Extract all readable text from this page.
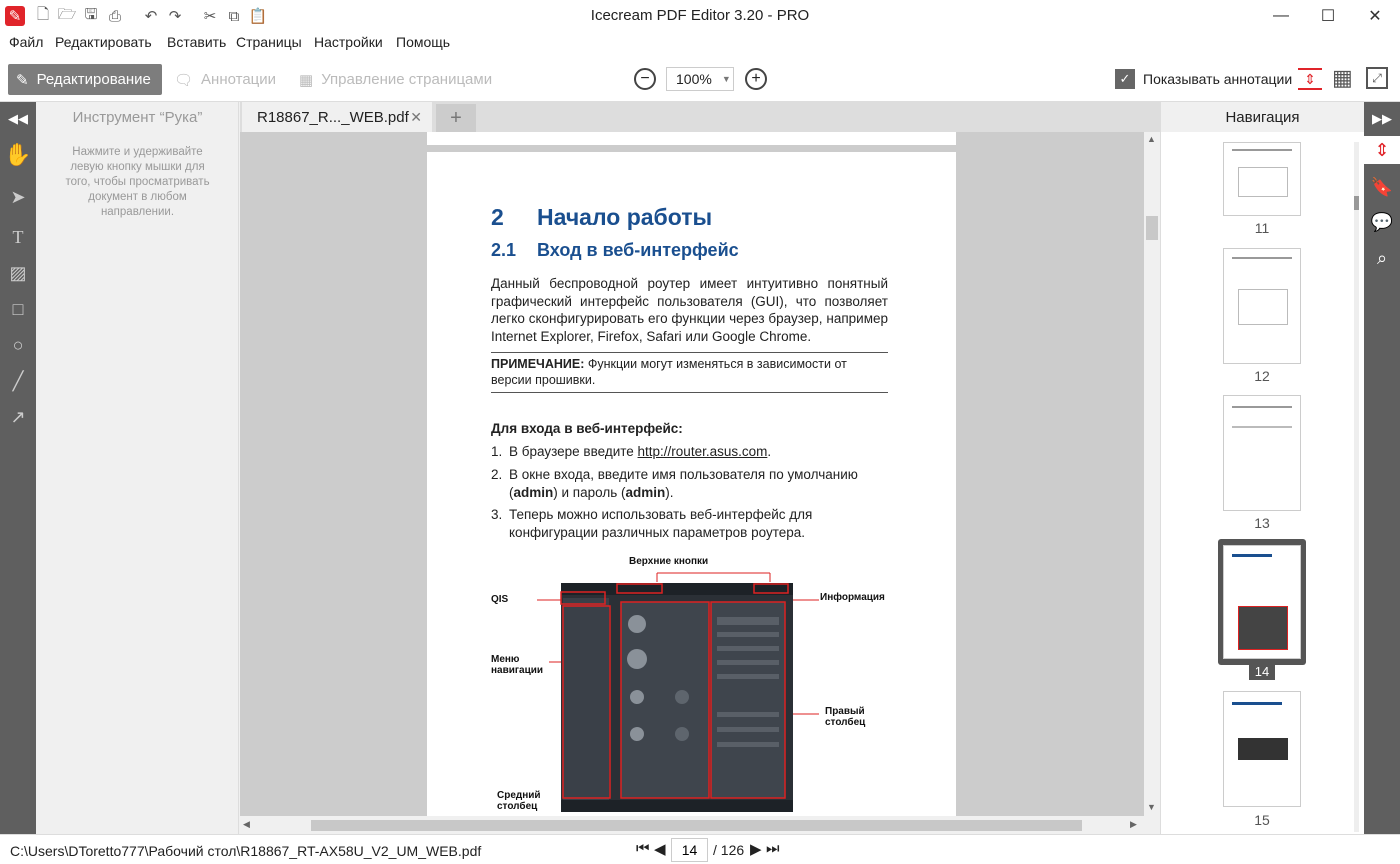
✎ 🗋 🗁 🖫 ⎙ ↶ ↷ ✂ ⧉ 📋	Icecream PDF Editor 3.20 - PRO	—	☐	✕
Файл Редактировать Вставить Страницы Настройки Помощь
✎ Редактирование 🗨 Аннотации ▦ Управление страницами	−	100% ▼	+	✓ Показывать аннотации ⇕ ▦	⤢
◀◀
✋
➤
T
▨
□
○
╱
↗
Инструмент “Рука”
Нажмите и удерживайте левую кнопку мышки для того, чтобы просматривать документ в любом направлении.
R18867_R..._WEB.pdf ✕	+
2 Начало работы
2.1 Вход в веб-интерфейс
Данный беспроводной роутер имеет интуитивно понятный графический интерфейс пользователя (GUI), что позволяет легко сконфигурировать его функции через браузер, например Internet Explorer, Firefox, Safari или Google Chrome.
ПРИМЕЧАНИЕ: Функции могут изменяться в зависимости от версии прошивки.
Для входа в веб-интерфейс:
1. В браузере введите http://router.asus.com.
2. В окне входа, введите имя пользователя по умолчанию (admin) и пароль (admin).
3. Теперь можно использовать веб-интерфейс для конфигурации различных параметров роутера.
Верхние кнопки
QIS	Информация
Меню навигации
Правый столбец
Средний столбец
▲
▼
◀	▶
Навигация
11
12
13
14
15
▶▶
⇕
🔖
💬
⌕
C:\Users\DToretto777\Рабочий стол\R18867_RT-AX58U_V2_UM_WEB.pdf	⏮ ◀
14	/ 126 ▶ ⏭
